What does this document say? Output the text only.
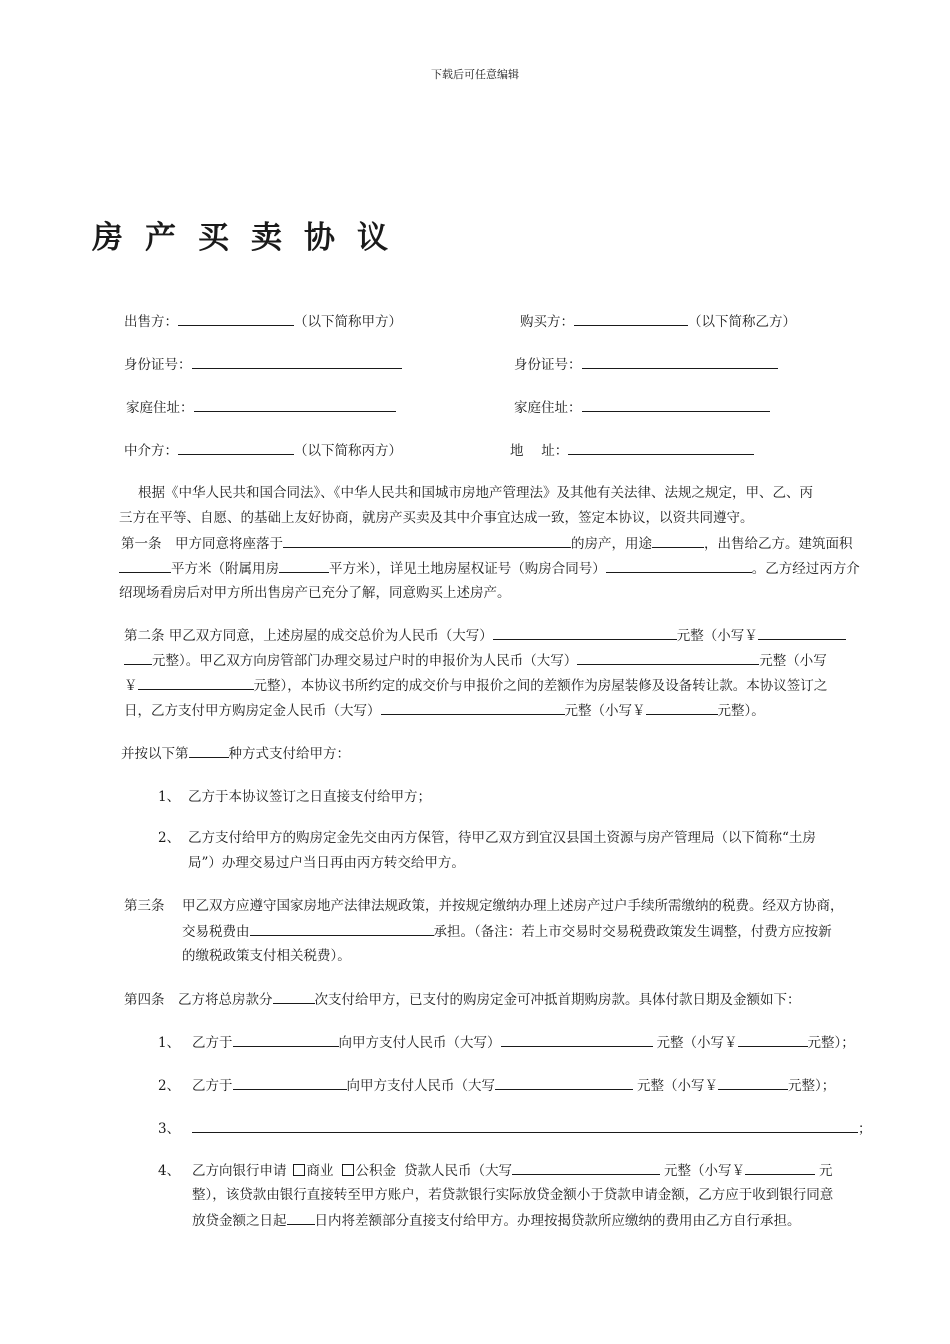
下载后可任意编辑
房产买卖协议
出售方：	（以下简称甲方）	购买方：	（以下简称乙方）
身份证号：	身份证号：
家庭住址：	家庭住址：
中介方：	（以下简称丙方）	地　 址：
根据《中华人民共和国合同法》、《中华人民共和国城市房地产管理法》及其他有关法律、法规之规定，甲、乙、丙
三方在平等、自愿、的基础上友好协商，就房产买卖及其中介事宜达成一致，签定本协议，以资共同遵守。
第一条　甲方同意将座落于	的房产，用途	，出售给乙方。建筑面积
平方米（附属用房	平方米），详见土地房屋权证号（购房合同号）	。乙方经过丙方介
绍现场看房后对甲方所出售房产已充分了解，同意购买上述房产。
第二条 甲乙双方同意，上述房屋的成交总价为人民币（大写）	元整（小写￥
元整）。甲乙双方向房管部门办理交易过户时的申报价为人民币（大写）	元整（小写
￥	元整），本协议书所约定的成交价与申报价之间的差额作为房屋装修及设备转让款。本协议签订之
日，乙方支付甲方购房定金人民币（大写）	元整（小写￥	元整）。
并按以下第	种方式支付给甲方：
1、 乙方于本协议签订之日直接支付给甲方；
2、 乙方支付给甲方的购房定金先交由丙方保管，待甲乙双方到宜汉县国土资源与房产管理局（以下简称“土房
局”）办理交易过户当日再由丙方转交给甲方。
第三条 甲乙双方应遵守国家房地产法律法规政策，并按规定缴纳办理上述房产过户手续所需缴纳的税费。经双方协商，
交易税费由	承担。（备注：若上市交易时交易税费政策发生调整，付费方应按新
的缴税政策支付相关税费）。
第四条　乙方将总房款分	次支付给甲方，已支付的购房定金可冲抵首期购房款。具体付款日期及金额如下：
1、 乙方于	向甲方支付人民币（大写）	元整（小写￥	元整）；
2、 乙方于	向甲方支付人民币（大写	元整（小写￥	元整）；
3、	；
4、 乙方向银行申请 商业 公积金 贷款人民币（大写	元整（小写￥	元
整），该贷款由银行直接转至甲方账户，若贷款银行实际放贷金额小于贷款申请金额，乙方应于收到银行同意
放贷金额之日起 日内将差额部分直接支付给甲方。办理按揭贷款所应缴纳的费用由乙方自行承担。
